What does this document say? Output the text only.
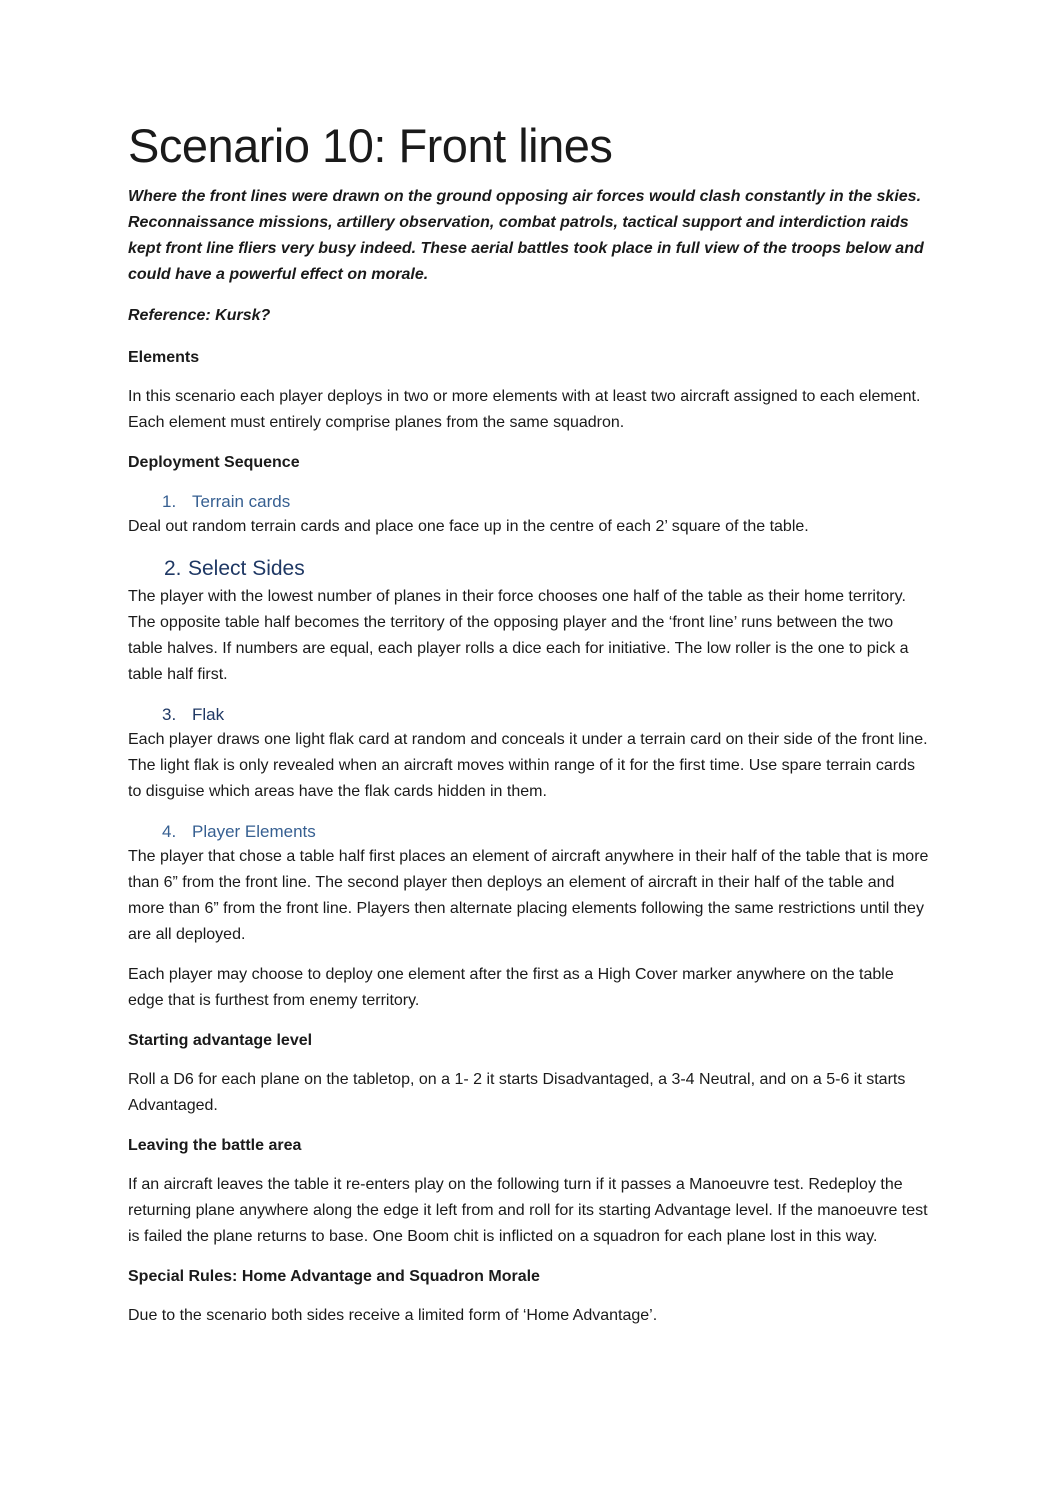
Scenario 10: Front lines

Where the front lines were drawn on the ground opposing air forces would clash constantly in the skies. Reconnaissance missions, artillery observation, combat patrols, tactical support and interdiction raids kept front line fliers very busy indeed. These aerial battles took place in full view of the troops below and could have a powerful effect on morale.

Reference: Kursk?

Elements

In this scenario each player deploys in two or more elements with at least two aircraft assigned to each element. Each element must entirely comprise planes from the same squadron.

Deployment Sequence

1. Terrain cards

Deal out random terrain cards and place one face up in the centre of each 2’ square of the table.

2. Select Sides

The player with the lowest number of planes in their force chooses one half of the table as their home territory. The opposite table half becomes the territory of the opposing player and the ‘front line’ runs between the two table halves. If numbers are equal, each player rolls a dice each for initiative. The low roller is the one to pick a table half first.

3. Flak

Each player draws one light flak card at random and conceals it under a terrain card on their side of the front line. The light flak is only revealed when an aircraft moves within range of it for the first time. Use spare terrain cards to disguise which areas have the flak cards hidden in them.

4. Player Elements

The player that chose a table half first places an element of aircraft anywhere in their half of the table that is more than 6” from the front line. The second player then deploys an element of aircraft in their half of the table and more than 6” from the front line. Players then alternate placing elements following the same restrictions until they are all deployed.

Each player may choose to deploy one element after the first as a High Cover marker anywhere on the table edge that is furthest from enemy territory.

Starting advantage level

Roll a D6 for each plane on the tabletop, on a 1- 2 it starts Disadvantaged, a 3-4 Neutral, and on a 5-6 it starts Advantaged.

Leaving the battle area

If an aircraft leaves the table it re-enters play on the following turn if it passes a Manoeuvre test. Redeploy the returning plane anywhere along the edge it left from and roll for its starting Advantage level. If the manoeuvre test is failed the plane returns to base. One Boom chit is inflicted on a squadron for each plane lost in this way.

Special Rules: Home Advantage and Squadron Morale

Due to the scenario both sides receive a limited form of ‘Home Advantage’.
